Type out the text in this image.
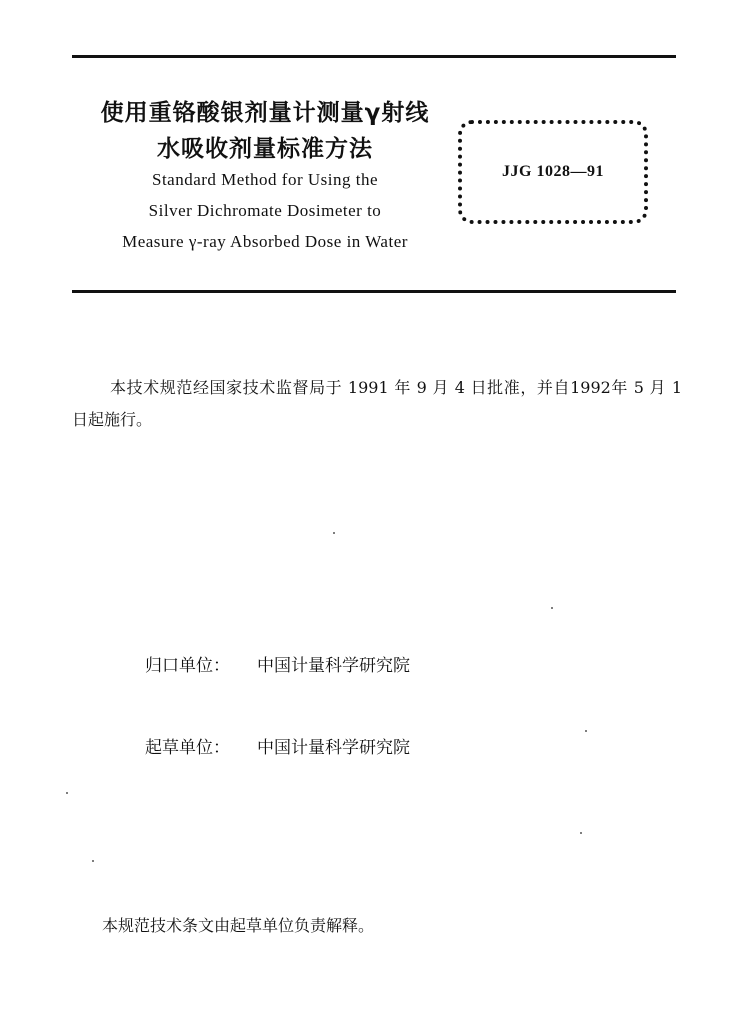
使用重铬酸银剂量计测量γ射线
水吸收剂量标准方法
Standard Method for Using the
Silver Dichromate Dosimeter to
Measure γ-ray Absorbed Dose in Water
JJG 1028—91
本技术规范经国家技术监督局于 1991 年 9 月 4 日批准，并自1992年 5 月 1 日起施行。
归口单位： 中国计量科学研究院
起草单位： 中国计量科学研究院
本规范技术条文由起草单位负责解释。
